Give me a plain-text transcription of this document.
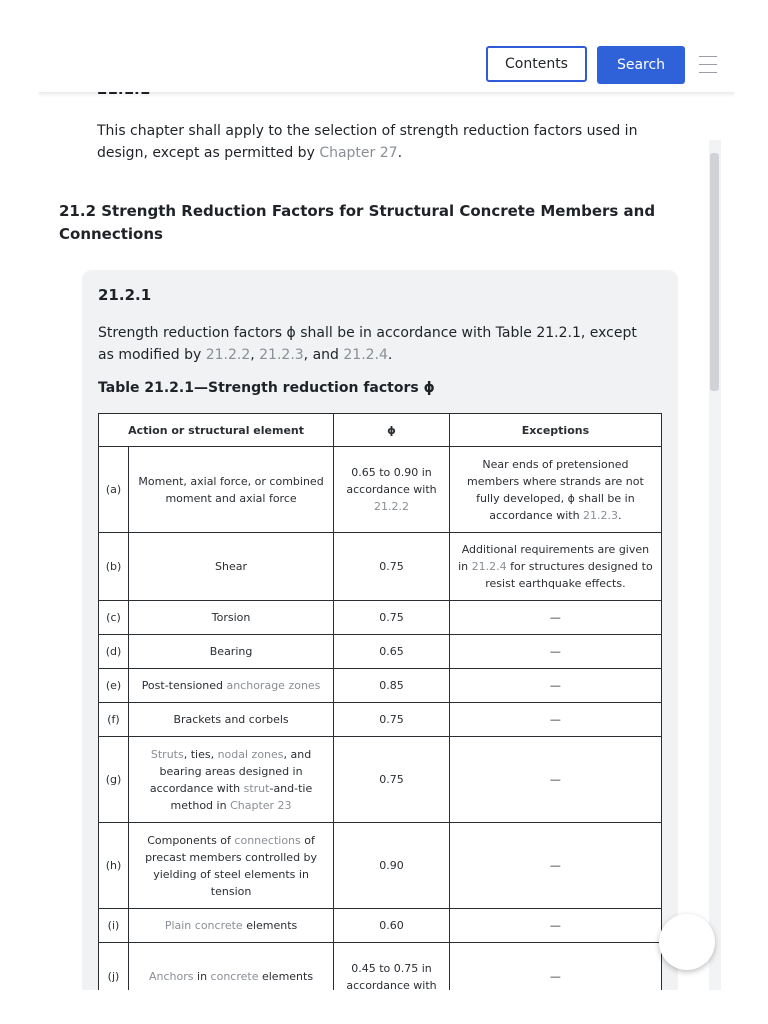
This chapter shall apply to the selection of strength reduction factors used in design, except as permitted by Chapter 27.
21.2 Strength Reduction Factors for Structural Concrete Members and Connections
21.2.1
Strength reduction factors ϕ shall be in accordance with Table 21.2.1, except as modified by 21.2.2, 21.2.3, and 21.2.4.
Table 21.2.1—Strength reduction factors ϕ
Action or structural element		ϕ	Exceptions
(a)	Moment, axial force, or combined moment and axial force	0.65 to 0.90 in accordance with 21.2.2	Near ends of pretensioned members where strands are not fully developed, ϕ shall be in accordance with 21.2.3.
(b)	Shear	0.75	Additional requirements are given in 21.2.4 for structures designed to resist earthquake effects.
(c)	Torsion	0.75	—
(d)	Bearing	0.65	—
(e)	Post-tensioned anchorage zones	0.85	—
(f)	Brackets and corbels	0.75	—
(g)	Struts, ties, nodal zones, and bearing areas designed in accordance with strut-and-tie method in Chapter 23	0.75	—
(h)	Components of connections of precast members controlled by yielding of steel elements in tension	0.90	—
(i)	Plain concrete elements	0.60	—
(j)	Anchors in concrete elements	0.45 to 0.75 in accordance with	—
Contents	Search
